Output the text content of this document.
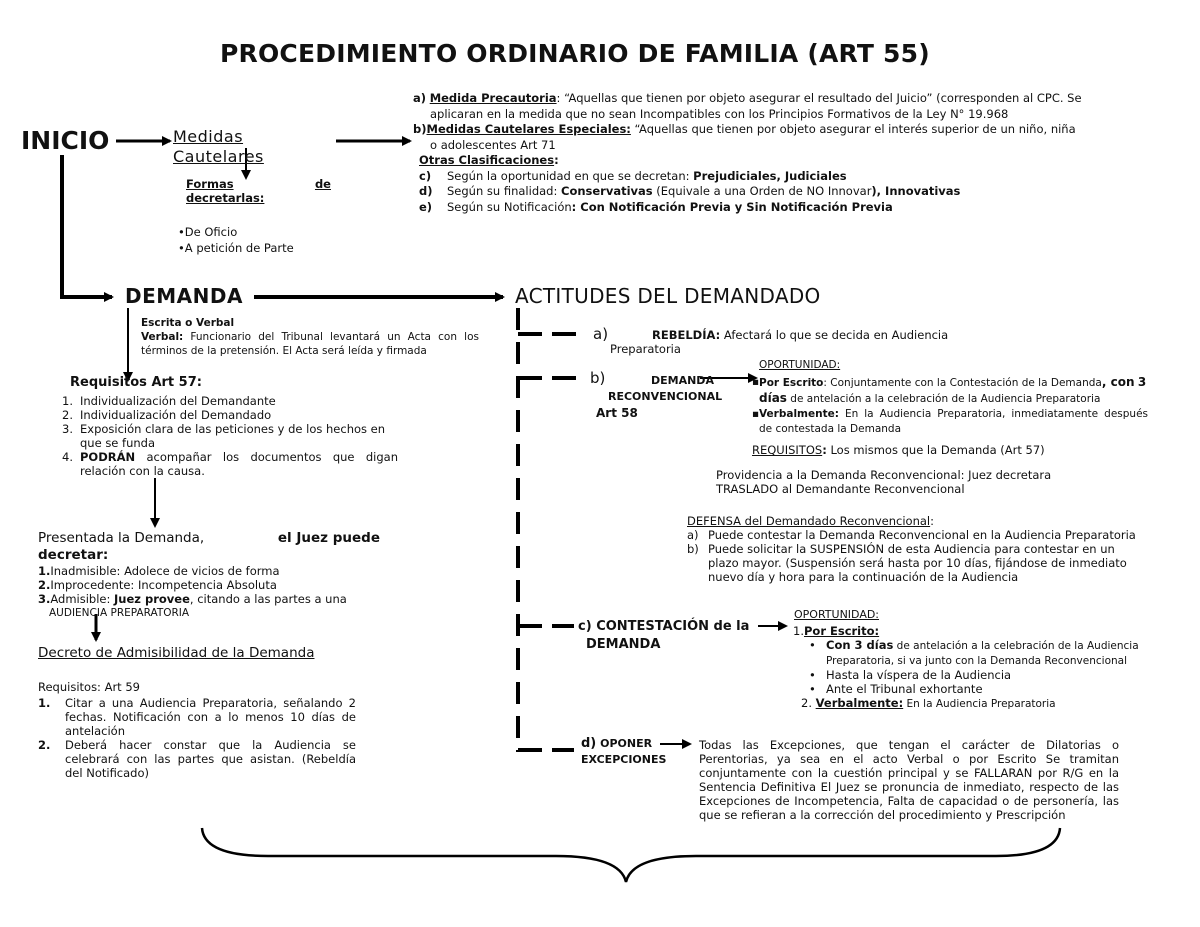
PROCEDIMIENTO ORDINARIO DE FAMILIA (ART 55)
INICIO	Medidas Cautelares
Formas	de
decretarlas:
•De Oficio
•A petición de Parte
a) Medida Precautoria: “Aquellas que tienen por objeto asegurar el resultado del Juicio” (corresponden al CPC. Se
aplicaran en la medida que no sean Incompatibles con los Principios Formativos de la Ley N° 19.968
b)Medidas Cautelares Especiales: “Aquellas que tienen por objeto asegurar el interés superior de un niño, niña
o adolescentes Art 71
Otras Clasificaciones:
c) Según la oportunidad en que se decretan: Prejudiciales, Judiciales
d) Según su finalidad: Conservativas (Equivale a una Orden de NO Innovar), Innovativas
e) Según su Notificación: Con Notificación Previa y Sin Notificación Previa
DEMANDA
Escrita o Verbal
Verbal: Funcionario del Tribunal levantará un Acta con los términos de la pretensión. El Acta será leída y firmada
Requisitos Art 57:
1. Individualización del Demandante
2. Individualización del Demandado
3. Exposición clara de las peticiones y de los hechos en que se funda
4. PODRÁN acompañar los documentos que digan relación con la causa.
Presentada la Demanda,	el Juez puede
decretar:
1.Inadmisible: Adolece de vicios de forma
2.Improcedente: Incompetencia Absoluta
3.Admisible: Juez provee, citando a las partes a una
AUDIENCIA PREPARATORIA
Decreto de Admisibilidad de la Demanda
Requisitos: Art 59
1.	Citar a una Audiencia Preparatoria, señalando 2 fechas. Notificación con a lo menos 10 días de antelación
2.	Deberá hacer constar que la Audiencia se celebrará con las partes que asistan. (Rebeldía del Notificado)
ACTITUDES DEL DEMANDADO
a)	REBELDÍA: Afectará lo que se decida en Audiencia
Preparatoria
b)	DEMANDA
RECONVENCIONAL
Art 58
OPORTUNIDAD:
▪ Por Escrito: Conjuntamente con la Contestación de la Demanda, con 3 días de antelación a la celebración de la Audiencia Preparatoria
▪ Verbalmente: En la Audiencia Preparatoria, inmediatamente después de contestada la Demanda
REQUISITOS: Los mismos que la Demanda (Art 57)
Providencia a la Demanda Reconvencional: Juez decretara TRASLADO al Demandante Reconvencional
DEFENSA del Demandado Reconvencional:
a) Puede contestar la Demanda Reconvencional en la Audiencia Preparatoria
b) Puede solicitar la SUSPENSIÓN de esta Audiencia para contestar en un plazo mayor. (Suspensión será hasta por 10 días, fijándose de inmediato nuevo día y hora para la continuación de la Audiencia
c) CONTESTACIÓN de la
DEMANDA
OPORTUNIDAD:
1.Por Escrito:
• Con 3 días de antelación a la celebración de la Audiencia Preparatoria, si va junto con la Demanda Reconvencional
• Hasta la víspera de la Audiencia
• Ante el Tribunal exhortante
2. Verbalmente: En la Audiencia Preparatoria
d) OPONER
EXCEPCIONES
Todas las Excepciones, que tengan el carácter de Dilatorias o Perentorias, ya sea en el acto Verbal o por Escrito Se tramitan conjuntamente con la cuestión principal y se FALLARAN por R/G en la Sentencia Definitiva El Juez se pronuncia de inmediato, respecto de las Excepciones de Incompetencia, Falta de capacidad o de personería, las que se refieran a la corrección del procedimiento y Prescripción
